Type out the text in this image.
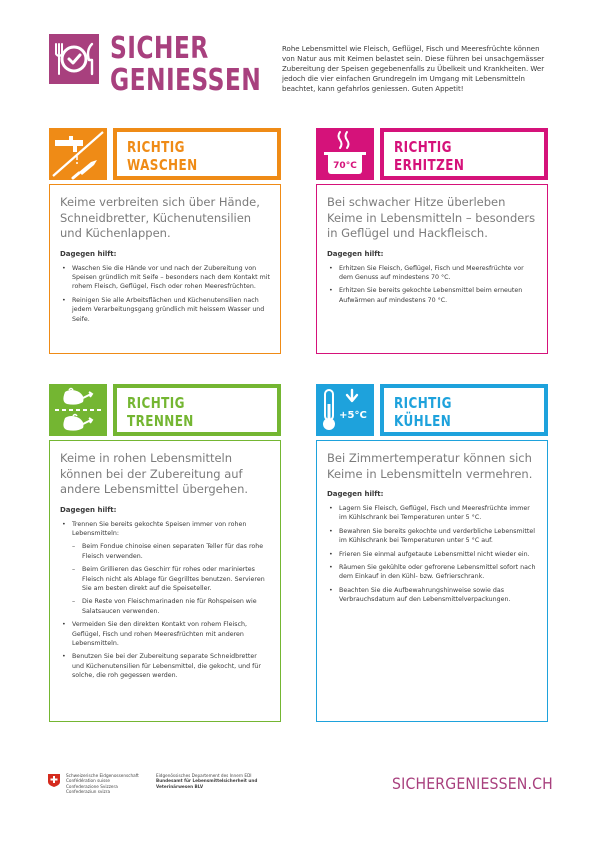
SICHER
GENIESSEN
Rohe Lebensmittel wie Fleisch, Geflügel, Fisch und Meeresfrüchte können von Natur aus mit Keimen belastet sein. Diese führen bei unsachgemässer Zubereitung der Speisen gegebenenfalls zu Übelkeit und Krankheiten. Wer jedoch die vier einfachen Grundregeln im Umgang mit Lebensmitteln beachtet, kann gefahrlos geniessen. Guten Appetit!
RICHTIG
WASCHEN
Keime verbreiten sich über Hände, Schneidbretter, Küchenutensilien und Küchenlappen.
Dagegen hilft:
• Waschen Sie die Hände vor und nach der Zubereitung von Speisen gründlich mit Seife – besonders nach dem Kontakt mit rohem Fleisch, Geflügel, Fisch oder rohen Meeresfrüchten.
• Reinigen Sie alle Arbeitsflächen und Küchenutensilien nach jedem Verarbeitungsgang gründlich mit heissem Wasser und Seife.
70°C
RICHTIG
ERHITZEN
Bei schwacher Hitze überleben Keime in Lebensmitteln – besonders in Geflügel und Hackfleisch.
Dagegen hilft:
• Erhitzen Sie Fleisch, Geflügel, Fisch und Meeresfrüchte vor dem Genuss auf mindestens 70 °C.
• Erhitzen Sie bereits gekochte Lebensmittel beim erneuten Aufwärmen auf mindestens 70 °C.
RICHTIG
TRENNEN
Keime in rohen Lebensmitteln können bei der Zubereitung auf andere Lebensmittel übergehen.
Dagegen hilft:
• Trennen Sie bereits gekochte Speisen immer von rohen Lebensmitteln:
– Beim Fondue chinoise einen separaten Teller für das rohe Fleisch verwenden.
– Beim Grillieren das Geschirr für rohes oder mariniertes Fleisch nicht als Ablage für Gegrilltes benutzen. Servieren Sie am besten direkt auf die Speiseteller.
– Die Reste von Fleischmarinaden nie für Rohspeisen wie Salatsaucen verwenden.
• Vermeiden Sie den direkten Kontakt von rohem Fleisch, Geflügel, Fisch und rohen Meeresfrüchten mit anderen Lebensmitteln.
• Benutzen Sie bei der Zubereitung separate Schneidbretter und Küchenutensilien für Lebensmittel, die gekocht, und für solche, die roh gegessen werden.
+5°C
RICHTIG
KÜHLEN
Bei Zimmertemperatur können sich Keime in Lebensmitteln vermehren.
Dagegen hilft:
• Lagern Sie Fleisch, Geflügel, Fisch und Meeresfrüchte immer im Kühlschrank bei Temperaturen unter 5 °C.
• Bewahren Sie bereits gekochte und verderbliche Lebensmittel im Kühlschrank bei Temperaturen unter 5 °C auf.
• Frieren Sie einmal aufgetaute Lebensmittel nicht wieder ein.
• Räumen Sie gekühlte oder gefrorene Lebensmittel sofort nach dem Einkauf in den Kühl- bzw. Gefrierschrank.
• Beachten Sie die Aufbewahrungshinweise sowie das Verbrauchsdatum auf den Lebensmittelverpackungen.
Schweizerische Eidgenossenschaft
Confédération suisse
Confederazione Svizzera
Confederaziun svizra
Eidgenössisches Departement des Innern EDI
Bundesamt für Lebensmittelsicherheit und
Veterinärwesen BLV	SICHERGENIESSEN.CH
